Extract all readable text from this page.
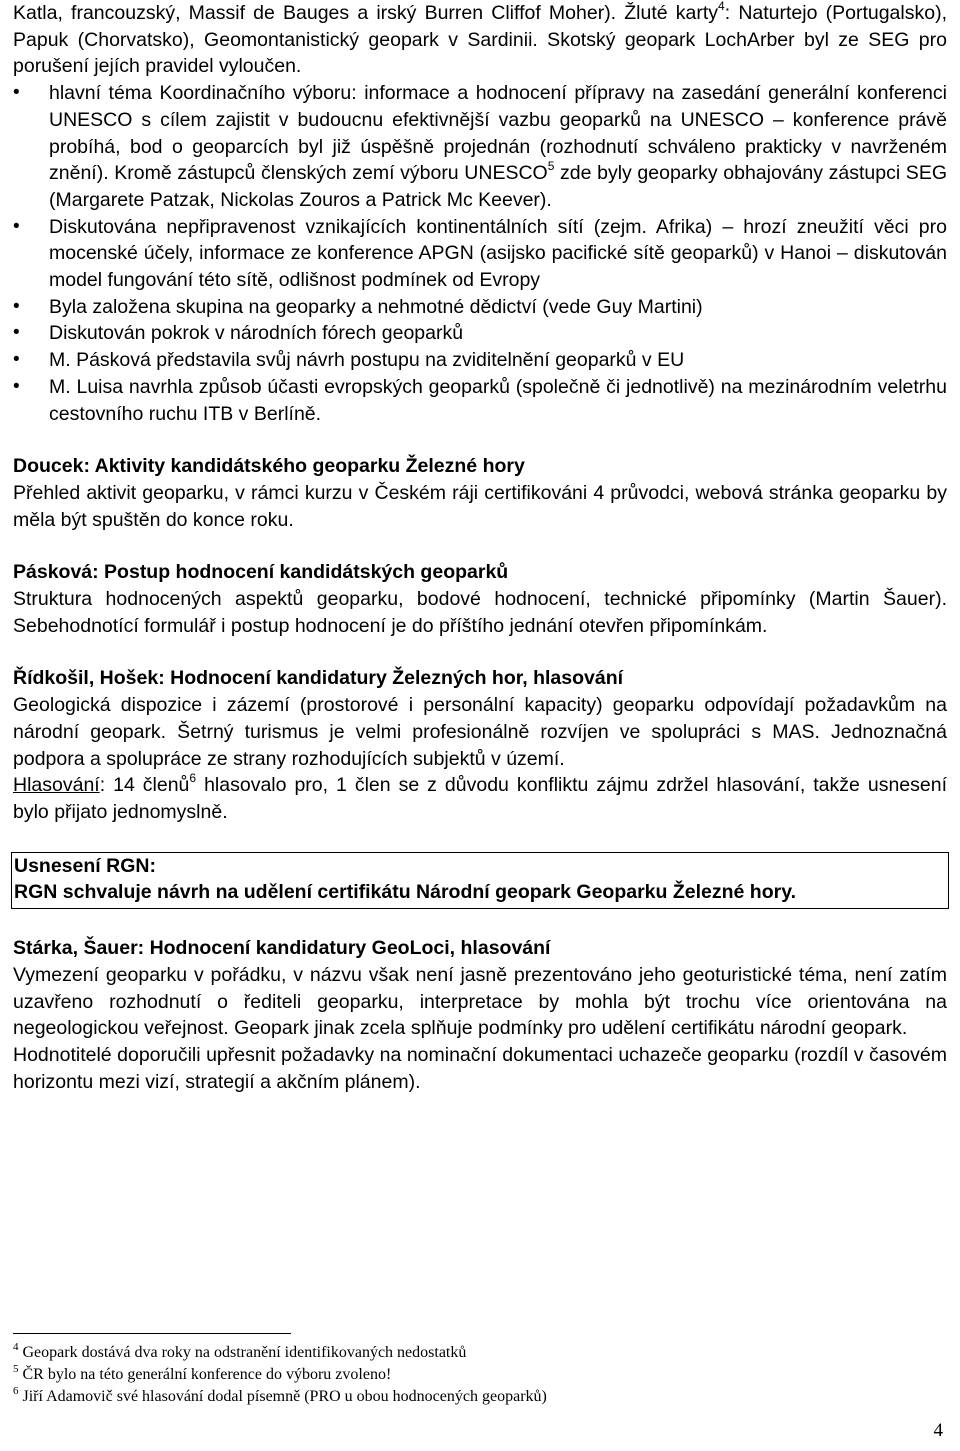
Katla, francouzský, Massif de Bauges a irský Burren Cliffof Moher). Žluté karty$^4$: Naturtejo (Portugalsko), Papuk (Chorvatsko), Geomontanistický geopark v Sardinii. Skotský geopark LochArber byl ze SEG pro porušení jejích pravidel vyloučen.

• hlavní téma Koordinačního výboru: informace a hodnocení přípravy na zasedání generální konferenci UNESCO s cílem zajistit v budoucnu efektivnější vazbu geoparků na UNESCO – konference právě probíhá, bod o geoparcích byl již úspěšně projednán (rozhodnutí schváleno prakticky v navrženém znění). Kromě zástupců členských zemí výboru UNESCO$^5$ zde byly geoparky obhajovány zástupci SEG (Margarete Patzak, Nickolas Zouros a Patrick Mc Keever).
• Diskutována nepřipravenost vznikajících kontinentálních sítí (zejm. Afrika) – hrozí zneužití věci pro mocenské účely, informace ze konference APGN (asijsko pacifické sítě geoparků) v Hanoi – diskutován model fungování této sítě, odlišnost podmínek od Evropy
• Byla založena skupina na geoparky a nehmotné dědictví (vede Guy Martini)
• Diskutován pokrok v národních fórech geoparků
• M. Pásková představila svůj návrh postupu na zviditelnění geoparků v EU
• M. Luisa navrhla způsob účasti evropských geoparků (společně či jednotlivě) na mezinárodním veletrhu cestovního ruchu ITB v Berlíně.
Doucek: Aktivity kandidátského geoparku Železné hory

Přehled aktivit geoparku, v rámci kurzu v Českém ráji certifikováni 4 průvodci, webová stránka geoparku by měla být spuštěn do konce roku.

Pásková: Postup hodnocení kandidátských geoparků

Struktura hodnocených aspektů geoparku, bodové hodnocení, technické připomínky (Martin Šauer). Sebehodnotící formulář i postup hodnocení je do příštího jednání otevřen připomínkám.

Řídkošil, Hošek: Hodnocení kandidatury Železných hor, hlasování

Geologická dispozice i zázemí (prostorové i personální kapacity) geoparku odpovídají požadavkům na národní geopark. Šetrný turismus je velmi profesionálně rozvíjen ve spolupráci s MAS. Jednoznačná podpora a spolupráce ze strany rozhodujících subjektů v území.

Hlasování: 14 členů$^6$ hlasovalo pro, 1 člen se z důvodu konfliktu zájmu zdržel hlasování, takže usnesení bylo přijato jednomyslně.

Usnesení RGN:
RGN schvaluje návrh na udělení certifikátu Národní geopark Geoparku Železné hory.
Stárka, Šauer: Hodnocení kandidatury GeoLoci, hlasování

Vymezení geoparku v pořádku, v názvu však není jasně prezentováno jeho geoturistické téma, není zatím uzavřeno rozhodnutí o řediteli geoparku, interpretace by mohla být trochu více orientována na negeologickou veřejnost. Geopark jinak zcela splňuje podmínky pro udělení certifikátu národní geopark.

Hodnotitelé doporučili upřesnit požadavky na nominační dokumentaci uchazeče geoparku (rozdíl v časovém horizontu mezi vizí, strategií a akčním plánem).

$^4$ Geopark dostává dva roky na odstranění identifikovaných nedostatků
$^5$ ČR bylo na této generální konference do výboru zvoleno!
$^6$ Jiří Adamovič své hlasování dodal písemně (PRO u obou hodnocených geoparků)
4
